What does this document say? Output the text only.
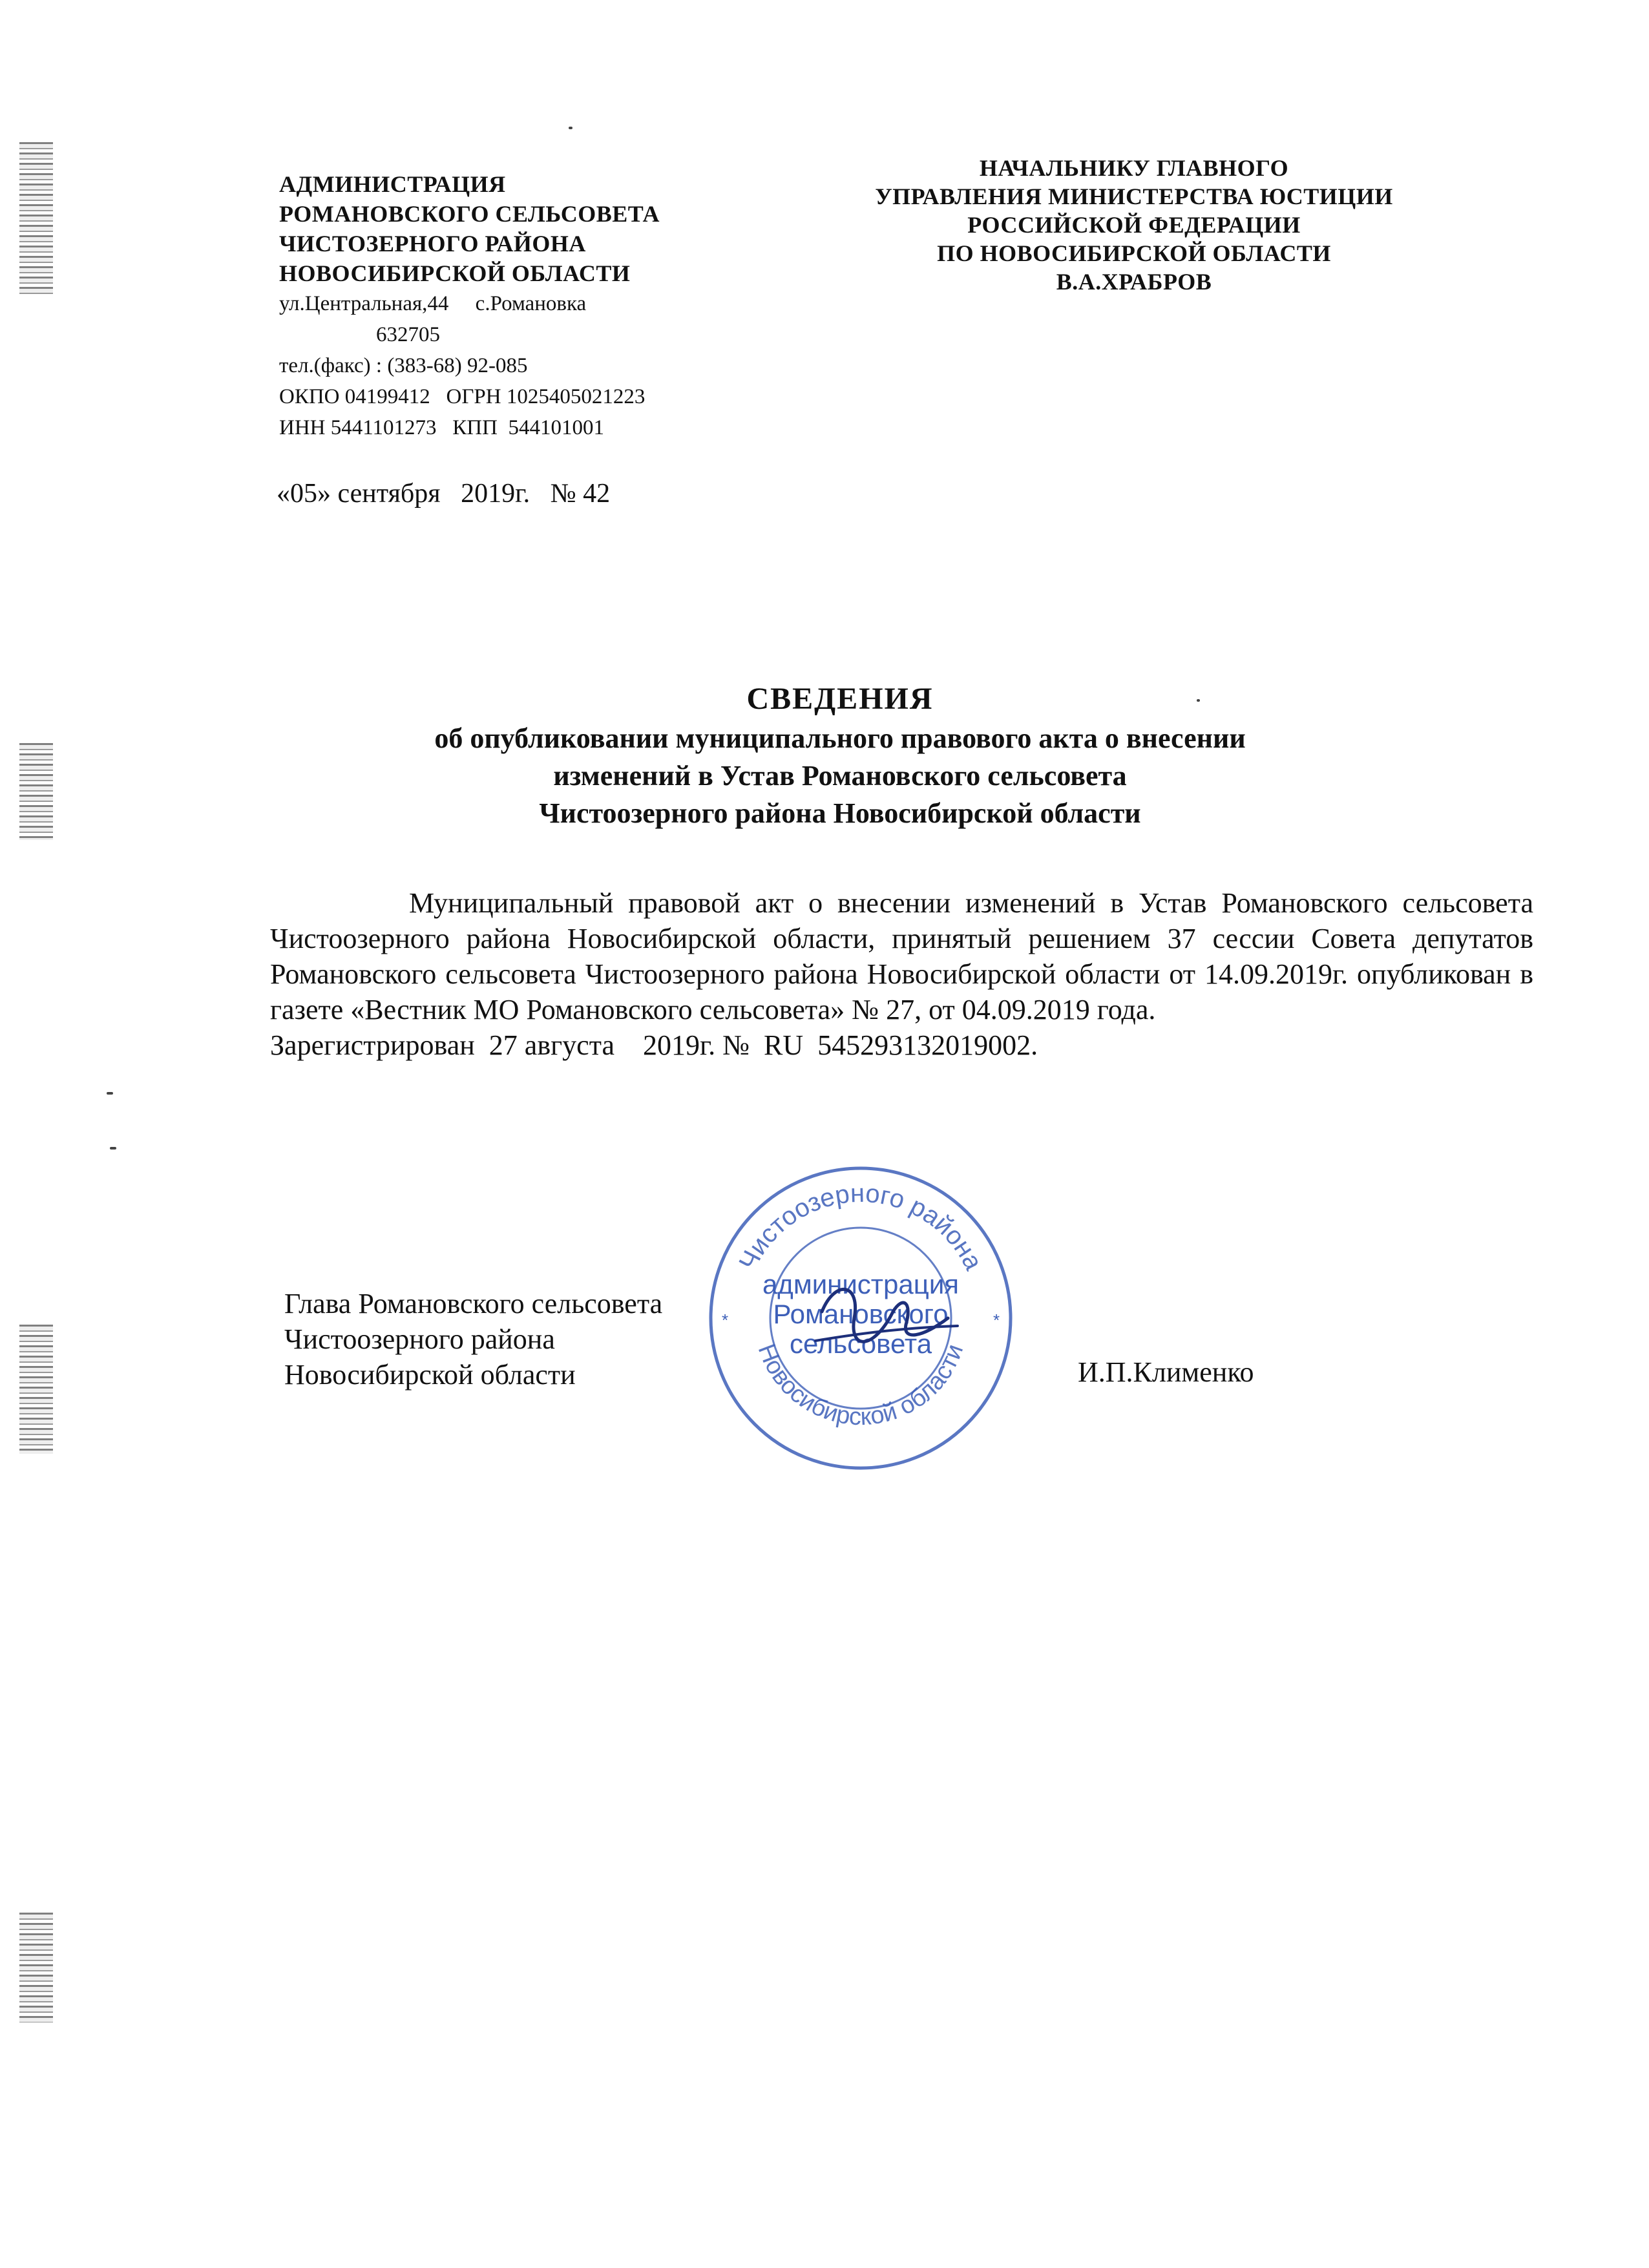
АДМИНИСТРАЦИЯ
РОМАНОВСКОГО СЕЛЬСОВЕТА
ЧИСТОЗЕРНОГО РАЙОНА
НОВОСИБИРСКОЙ ОБЛАСТИ
ул.Центральная,44     с.Романовка
632705
тел.(факс) : (383-68) 92-085
ОКПО 04199412   ОГРН 1025405021223
ИНН 5441101273   КПП  544101001
«05» сентября   2019г.   № 42
НАЧАЛЬНИКУ ГЛАВНОГО
УПРАВЛЕНИЯ МИНИСТЕРСТВА ЮСТИЦИИ
РОССИЙСКОЙ ФЕДЕРАЦИИ
ПО НОВОСИБИРСКОЙ ОБЛАСТИ
В.А.ХРАБРОВ
СВЕДЕНИЯ
об опубликовании муниципального правового акта о внесении
изменений в Устав Романовского сельсовета
Чистоозерного района Новосибирской области

Муниципальный правовой акт о внесении изменений в Устав Романовского сельсовета Чистоозерного района Новосибирской области, принятый решением 37 сессии Совета депутатов Романовского сельсовета Чистоозерного района Новосибирской области от 14.09.2019г. опубликован в газете «Вестник МО Романовского сельсовета» № 27, от 04.09.2019 года.

Зарегистрирован  27 августа    2019г. №  RU  545293132019002.

Чистоозерного района
Новосибирской области
администрация
Романовского
сельсовета
*	*
Глава Романовского сельсовета
Чистоозерного района
Новосибирской области	И.П.Клименко
